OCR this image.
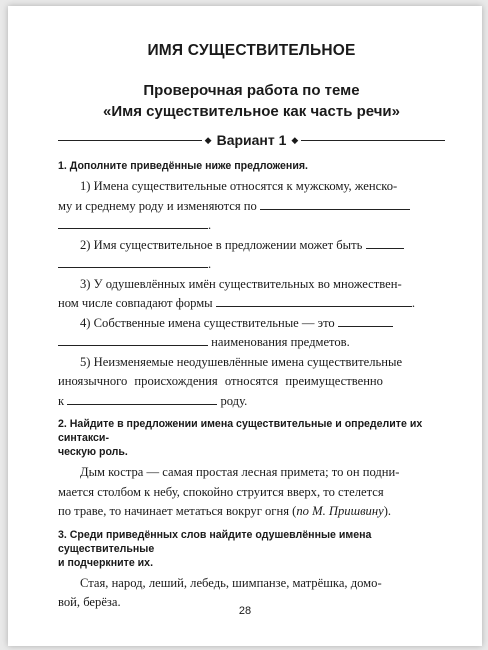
ИМЯ СУЩЕСТВИТЕЛЬНОЕ
Проверочная работа по теме
«Имя существительное как часть речи»
◆ Вариант 1 ◆
1. Дополните приведённые ниже предложения.

1) Имена существительные относятся к мужскому, женско-
му и среднему роду и изменяются по

.

2) Имя существительное в предложении может быть

.

3) У одушевлённых имён существительных во множествен-
ном числе совпадают формы	.

4) Собственные имена существительные — это
наименования предметов.

5) Неизменяемые неодушевлённые имена существительные
иноязычного происхождения относятся преимущественно
к	роду.

2. Найдите в предложении имена существительные и определите их синтакси-
ческую роль.

Дым костра — самая простая лесная примета; то он подни-
мается столбом к небу, спокойно струится вверх, то стелется
по траве, то начинает метаться вокруг огня (по М. Пришвину).

3. Среди приведённых слов найдите одушевлённые имена существительные
и подчеркните их.

Стая, народ, леший, лебедь, шимпанзе, матрёшка, домо-
вой, берёза.

28
